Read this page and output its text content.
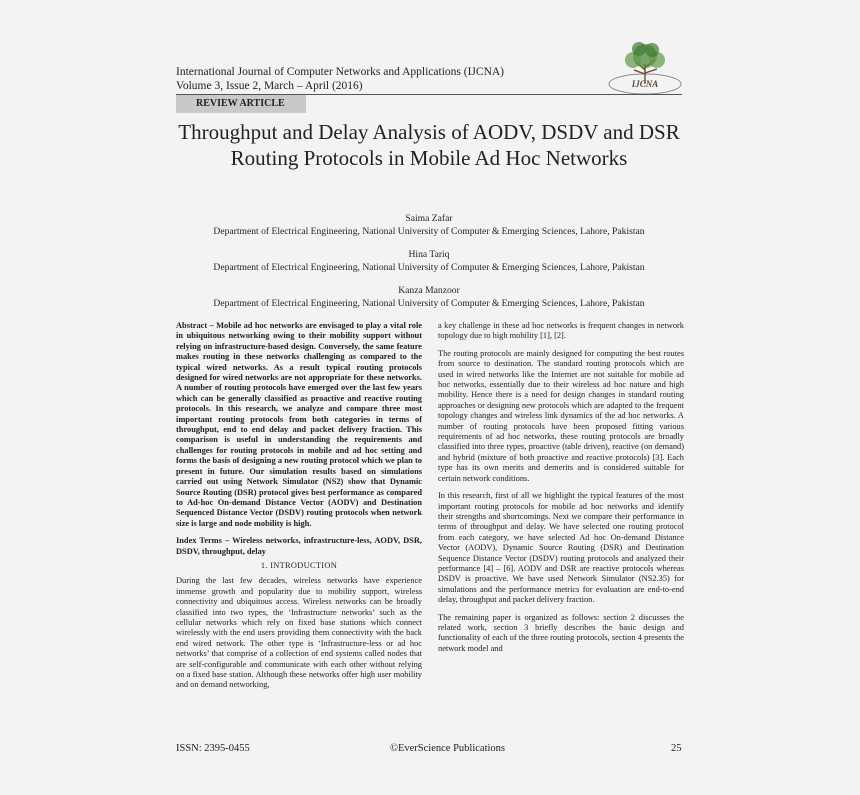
International Journal of Computer Networks and Applications (IJCNA)
Volume 3, Issue 2, March – April (2016)	IJCNA
REVIEW ARTICLE
Throughput and Delay Analysis of AODV, DSDV and DSR Routing Protocols in Mobile Ad Hoc Networks
Saima Zafar
Department of Electrical Engineering, National University of Computer & Emerging Sciences, Lahore, Pakistan
Hina Tariq
Department of Electrical Engineering, National University of Computer & Emerging Sciences, Lahore, Pakistan
Kanza Manzoor
Department of Electrical Engineering, National University of Computer & Emerging Sciences, Lahore, Pakistan

Abstract – Mobile ad hoc networks are envisaged to play a vital role in ubiquitous networking owing to their mobility support without relying on infrastructure-based design. Conversely, the same feature makes routing in these networks challenging as compared to the typical wired networks. As a result typical routing protocols designed for wired networks are not appropriate for these networks. A number of routing protocols have emerged over the last few years which can be generally classified as proactive and reactive routing protocols. In this research, we analyze and compare three most important routing protocols from both categories in terms of throughput, end to end delay and packet delivery fraction. This comparison is useful in understanding the requirements and challenges for routing protocols in mobile and ad hoc setting and forms the basis of designing a new routing protocol which we plan to present in future. Our simulation results based on simulations carried out using Network Simulator (NS2) show that Dynamic Source Routing (DSR) protocol gives best performance as compared to Ad-hoc On-demand Distance Vector (AODV) and Destination Sequenced Distance Vector (DSDV) routing protocols when network size is large and node mobility is high.

Index Terms – Wireless networks, infrastructure-less, AODV, DSR, DSDV, throughput, delay

1. INTRODUCTION

During the last few decades, wireless networks have experience immense growth and popularity due to mobility support, wireless connectivity and ubiquitous access. Wireless networks can be broadly classified into two types, the ‘Infrastructure networks’ such as the cellular networks which rely on fixed base stations which connect wirelessly with the end users providing them connectivity with the back end wired network. The other type is ‘Infrastructure-less or ad hoc networks’ that comprise of a collection of end systems called nodes that are self-configurable and communicate with each other without relying on a fixed base station. Although these networks offer high user mobility and on demand networking,

a key challenge in these ad hoc networks is frequent changes in network topology due to high mobility [1], [2].

The routing protocols are mainly designed for computing the best routes from source to destination. The standard routing protocols which are used in wired networks like the Internet are not suitable for mobile ad hoc networks, essentially due to their wireless ad hoc nature and high mobility. Hence there is a need for design changes in standard routing approaches or designing new protocols which are adapted to the frequent topology changes and wireless link dynamics of the ad hoc networks. A number of routing protocols have been proposed fitting various requirements of ad hoc networks, these routing protocols are broadly classified into three types, proactive (table driven), reactive (on demand) and hybrid (mixture of both proactive and reactive protocols) [3]. Each type has its own merits and demerits and is considered suitable for certain network conditions.

In this research, first of all we highlight the typical features of the most important routing protocols for mobile ad hoc networks and identify their strengths and shortcomings. Next we compare their performance in terms of throughput and delay. We have selected one routing protocol from each category, we have selected Ad hoc On-demand Distance Vector (AODV), Dynamic Source Routing (DSR) and Destination Sequence Distance Vector (DSDV) routing protocols and analyzed their performance [4] – [6]. AODV and DSR are reactive protocols whereas DSDV is proactive. We have used Network Simulator (NS2.35) for simulations and the performance metrics for evaluation are end-to-end delay, throughput and packet delivery fraction.

The remaining paper is organized as follows: section 2 discusses the related work, section 3 briefly describes the basic design and functionality of each of the three routing protocols, section 4 presents the network model and

ISSN: 2395-0455	©EverScience Publications	25
